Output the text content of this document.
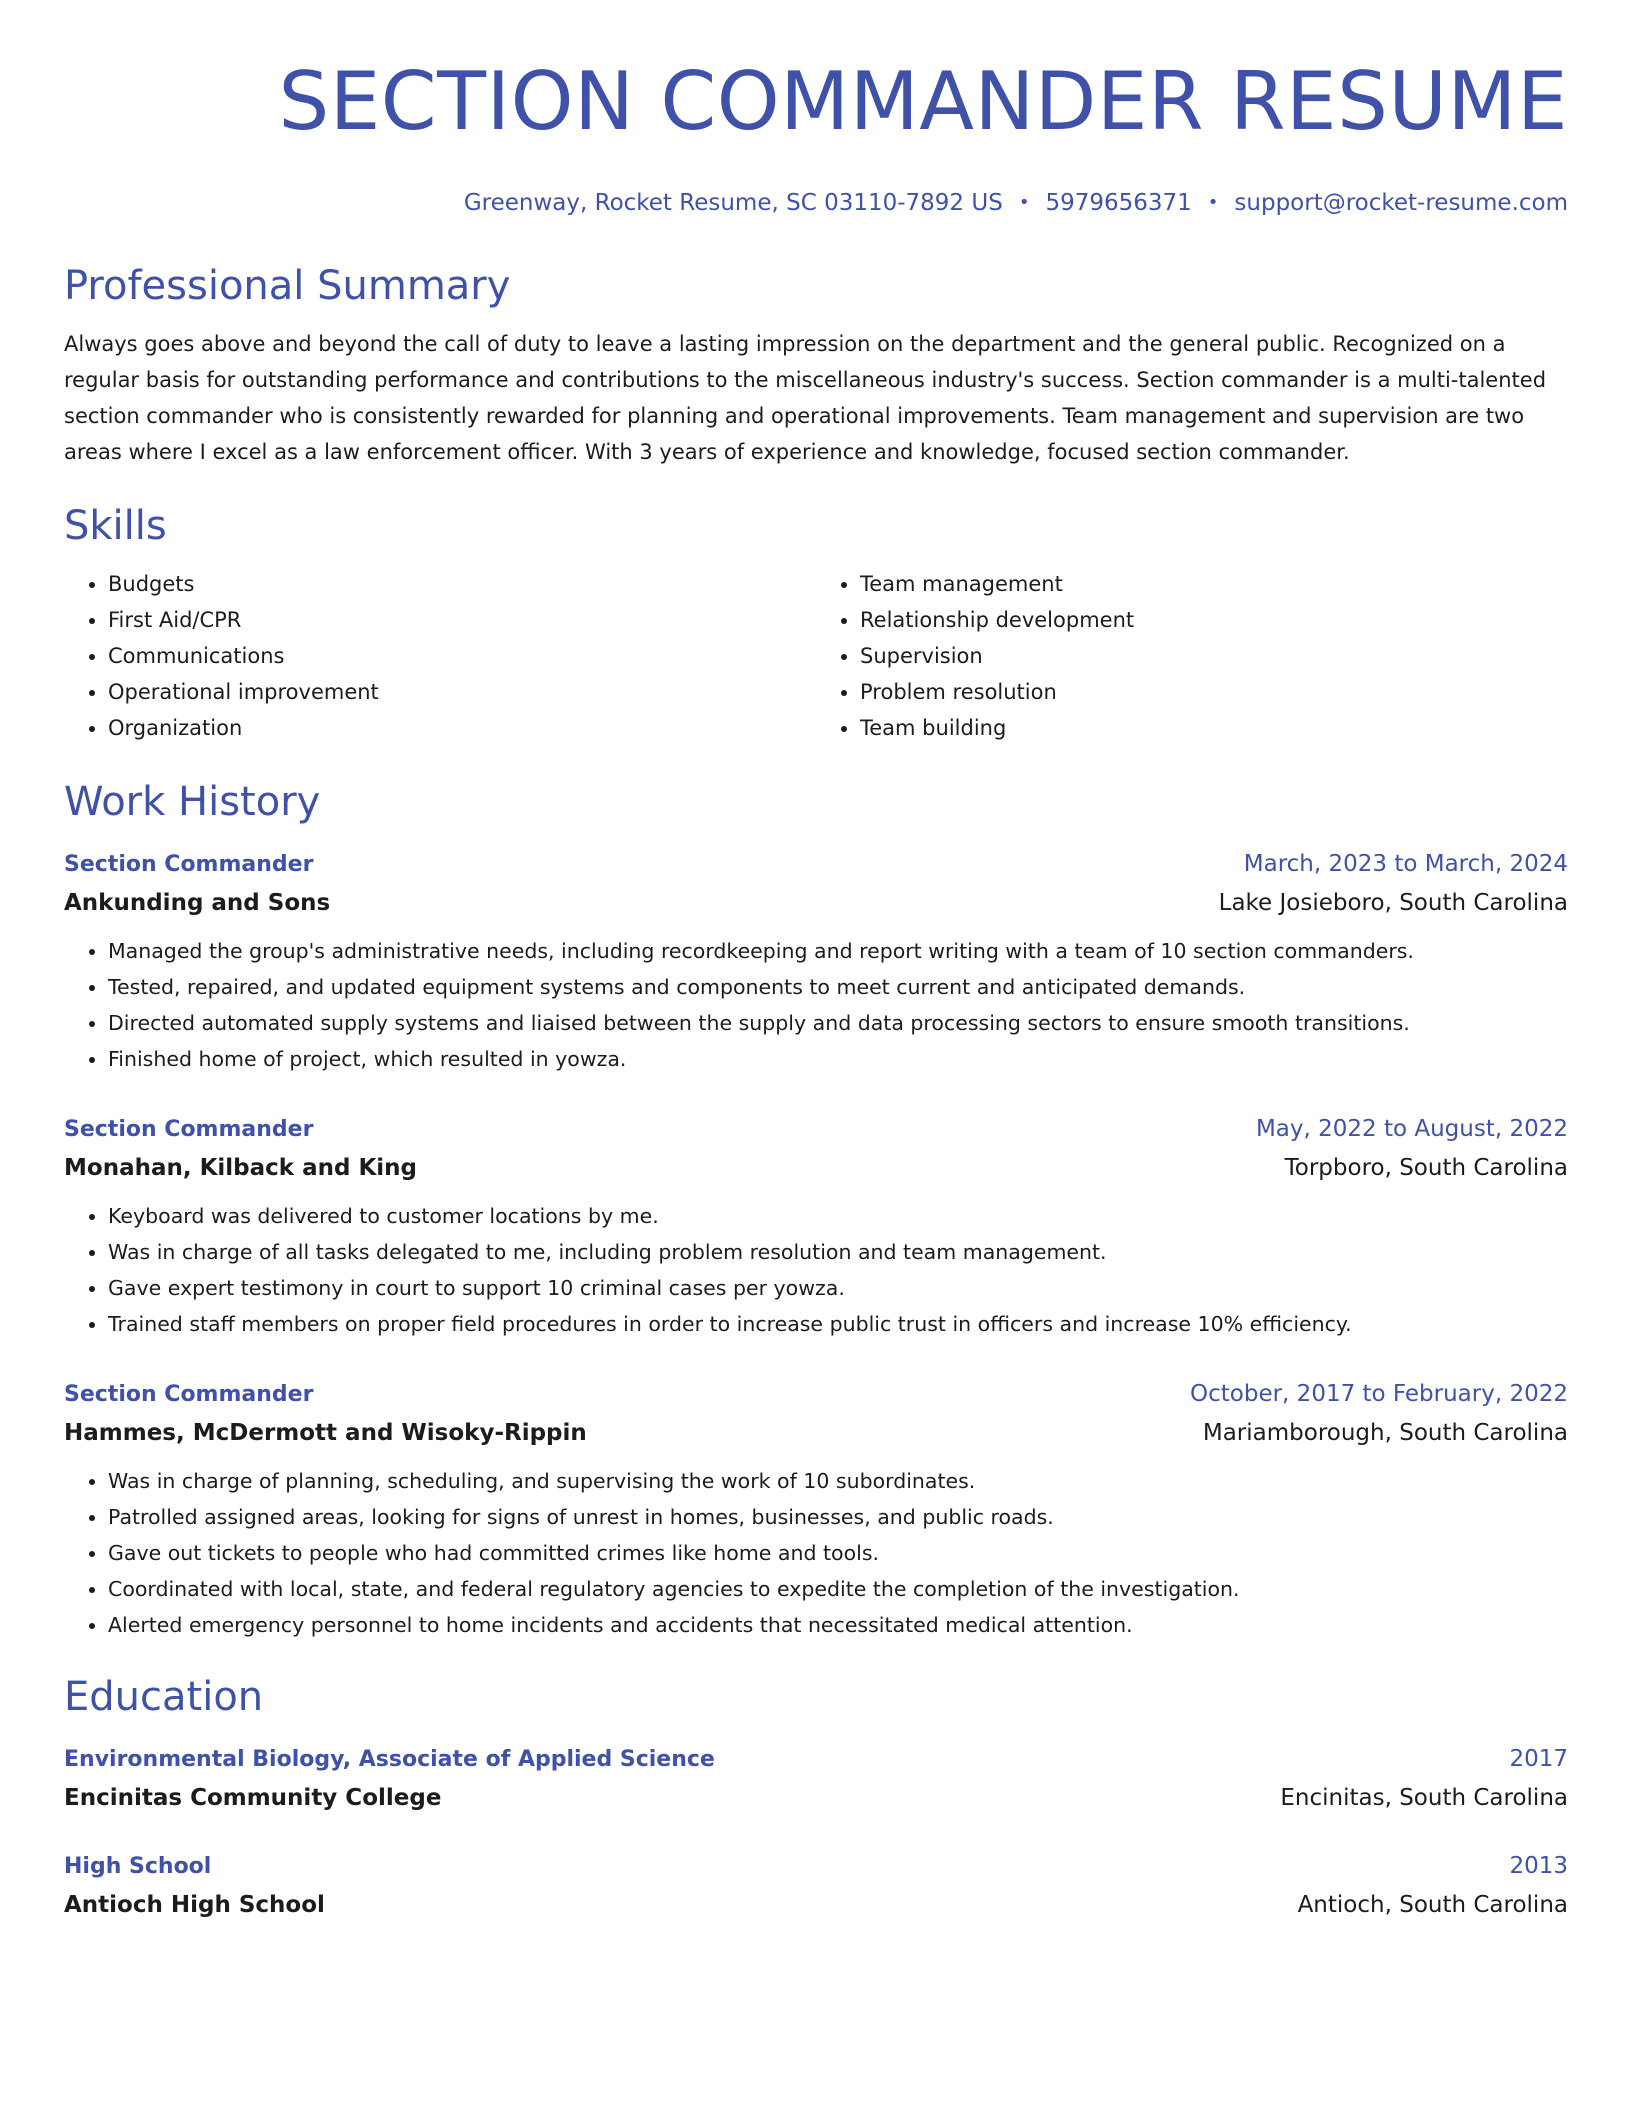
SECTION COMMANDER RESUME
Greenway, Rocket Resume, SC 03110-7892 US • 5979656371 • support@rocket-resume.com
Professional Summary

Always goes above and beyond the call of duty to leave a lasting impression on the department and the general public. Recognized on a regular basis for outstanding performance and contributions to the miscellaneous industry's success. Section commander is a multi-talented section commander who is consistently rewarded for planning and operational improvements. Team management and supervision are two areas where I excel as a law enforcement officer. With 3 years of experience and knowledge, focused section commander.

Skills
• Budgets
• First Aid/CPR
• Communications
• Operational improvement
• Organization
• Team management
• Relationship development
• Supervision
• Problem resolution
• Team building
Work History
Section Commander	March, 2023 to March, 2024
Ankunding and Sons	Lake Josieboro, South Carolina
• Managed the group's administrative needs, including recordkeeping and report writing with a team of 10 section commanders.
• Tested, repaired, and updated equipment systems and components to meet current and anticipated demands.
• Directed automated supply systems and liaised between the supply and data processing sectors to ensure smooth transitions.
• Finished home of project, which resulted in yowza.
Section Commander	May, 2022 to August, 2022
Monahan, Kilback and King	Torpboro, South Carolina
• Keyboard was delivered to customer locations by me.
• Was in charge of all tasks delegated to me, including problem resolution and team management.
• Gave expert testimony in court to support 10 criminal cases per yowza.
• Trained staff members on proper field procedures in order to increase public trust in officers and increase 10% efficiency.
Section Commander	October, 2017 to February, 2022
Hammes, McDermott and Wisoky-Rippin	Mariamborough, South Carolina
• Was in charge of planning, scheduling, and supervising the work of 10 subordinates.
• Patrolled assigned areas, looking for signs of unrest in homes, businesses, and public roads.
• Gave out tickets to people who had committed crimes like home and tools.
• Coordinated with local, state, and federal regulatory agencies to expedite the completion of the investigation.
• Alerted emergency personnel to home incidents and accidents that necessitated medical attention.
Education
Environmental Biology, Associate of Applied Science	2017
Encinitas Community College	Encinitas, South Carolina
High School	2013
Antioch High School	Antioch, South Carolina
